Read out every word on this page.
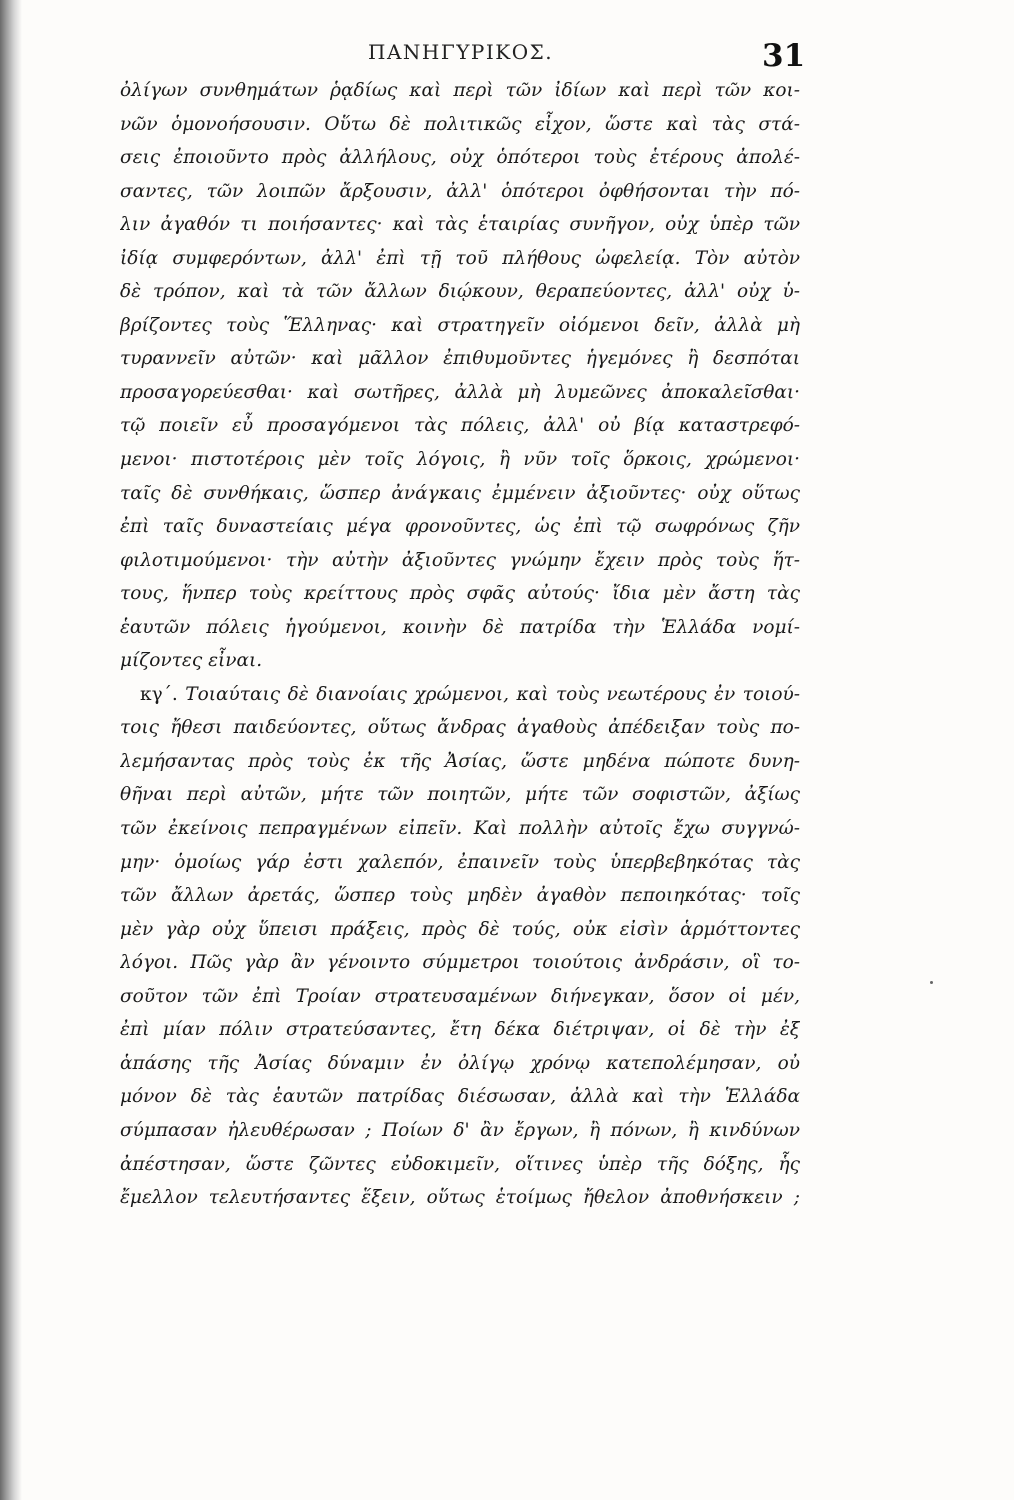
ΠΑΝΗΓΥΡΙΚΟΣ.	31
ὀλίγων συνθημάτων ῥᾳδίως καὶ περὶ τῶν ἰδίων καὶ περὶ τῶν κοι-
νῶν ὁμονοήσουσιν. Οὕτω δὲ πολιτικῶς εἶχον, ὥστε καὶ τὰς στά-
σεις ἐποιοῦντο πρὸς ἀλλήλους, οὐχ ὁπότεροι τοὺς ἑτέρους ἀπολέ-
σαντες, τῶν λοιπῶν ἄρξουσιν, ἀλλ' ὁπότεροι ὀφθήσονται τὴν πό-
λιν ἀγαθόν τι ποιήσαντες· καὶ τὰς ἑταιρίας συνῆγον, οὐχ ὑπὲρ τῶν
ἰδίᾳ συμφερόντων, ἀλλ' ἐπὶ τῇ τοῦ πλήθους ὠφελείᾳ. Τὸν αὐτὸν
δὲ τρόπον, καὶ τὰ τῶν ἄλλων διῴκουν, θεραπεύοντες, ἀλλ' οὐχ ὑ-
βρίζοντες τοὺς Ἕλληνας· καὶ στρατηγεῖν οἰόμενοι δεῖν, ἀλλὰ μὴ
τυραννεῖν αὐτῶν· καὶ μᾶλλον ἐπιθυμοῦντες ἡγεμόνες ἢ δεσπόται
προσαγορεύεσθαι· καὶ σωτῆρες, ἀλλὰ μὴ λυμεῶνες ἀποκαλεῖσθαι·
τῷ ποιεῖν εὖ προσαγόμενοι τὰς πόλεις, ἀλλ' οὐ βίᾳ καταστρεφό-
μενοι· πιστοτέροις μὲν τοῖς λόγοις, ἢ νῦν τοῖς ὅρκοις, χρώμενοι·
ταῖς δὲ συνθήκαις, ὥσπερ ἀνάγκαις ἐμμένειν ἀξιοῦντες· οὐχ οὕτως
ἐπὶ ταῖς δυναστείαις μέγα φρονοῦντες, ὡς ἐπὶ τῷ σωφρόνως ζῆν
φιλοτιμούμενοι· τὴν αὐτὴν ἀξιοῦντες γνώμην ἔχειν πρὸς τοὺς ἥτ-
τους, ἥνπερ τοὺς κρείττους πρὸς σφᾶς αὐτούς· ἴδια μὲν ἄστη τὰς
ἑαυτῶν πόλεις ἡγούμενοι, κοινὴν δὲ πατρίδα τὴν Ἑλλάδα νομί-
μίζοντες εἶναι.
κγ΄. Τοιαύταις δὲ διανοίαις χρώμενοι, καὶ τοὺς νεωτέρους ἐν τοιού-
τοις ἤθεσι παιδεύοντες, οὕτως ἄνδρας ἀγαθοὺς ἀπέδειξαν τοὺς πο-
λεμήσαντας πρὸς τοὺς ἐκ τῆς Ἀσίας, ὥστε μηδένα πώποτε δυνη-
θῆναι περὶ αὐτῶν, μήτε τῶν ποιητῶν, μήτε τῶν σοφιστῶν, ἀξίως
τῶν ἐκείνοις πεπραγμένων εἰπεῖν. Καὶ πολλὴν αὐτοῖς ἔχω συγγνώ-
μην· ὁμοίως γάρ ἐστι χαλεπόν, ἐπαινεῖν τοὺς ὑπερβεβηκότας τὰς
τῶν ἄλλων ἀρετάς, ὥσπερ τοὺς μηδὲν ἀγαθὸν πεποιηκότας· τοῖς
μὲν γὰρ οὐχ ὕπεισι πράξεις, πρὸς δὲ τούς, οὐκ εἰσὶν ἁρμόττοντες
λόγοι. Πῶς γὰρ ἂν γένοιντο σύμμετροι τοιούτοις ἀνδράσιν, οἳ το-
σοῦτον τῶν ἐπὶ Τροίαν στρατευσαμένων διήνεγκαν, ὅσον οἱ μέν,
ἐπὶ μίαν πόλιν στρατεύσαντες, ἔτη δέκα διέτριψαν, οἱ δὲ τὴν ἐξ
ἁπάσης τῆς Ἀσίας δύναμιν ἐν ὀλίγῳ χρόνῳ κατεπολέμησαν, οὐ
μόνον δὲ τὰς ἑαυτῶν πατρίδας διέσωσαν, ἀλλὰ καὶ τὴν Ἑλλάδα
σύμπασαν ἠλευθέρωσαν ; Ποίων δ' ἂν ἔργων, ἢ πόνων, ἢ κινδύνων
ἀπέστησαν, ὥστε ζῶντες εὐδοκιμεῖν, οἵτινες ὑπὲρ τῆς δόξης, ἧς
ἔμελλον τελευτήσαντες ἕξειν, οὕτως ἑτοίμως ἤθελον ἀποθνήσκειν ;
